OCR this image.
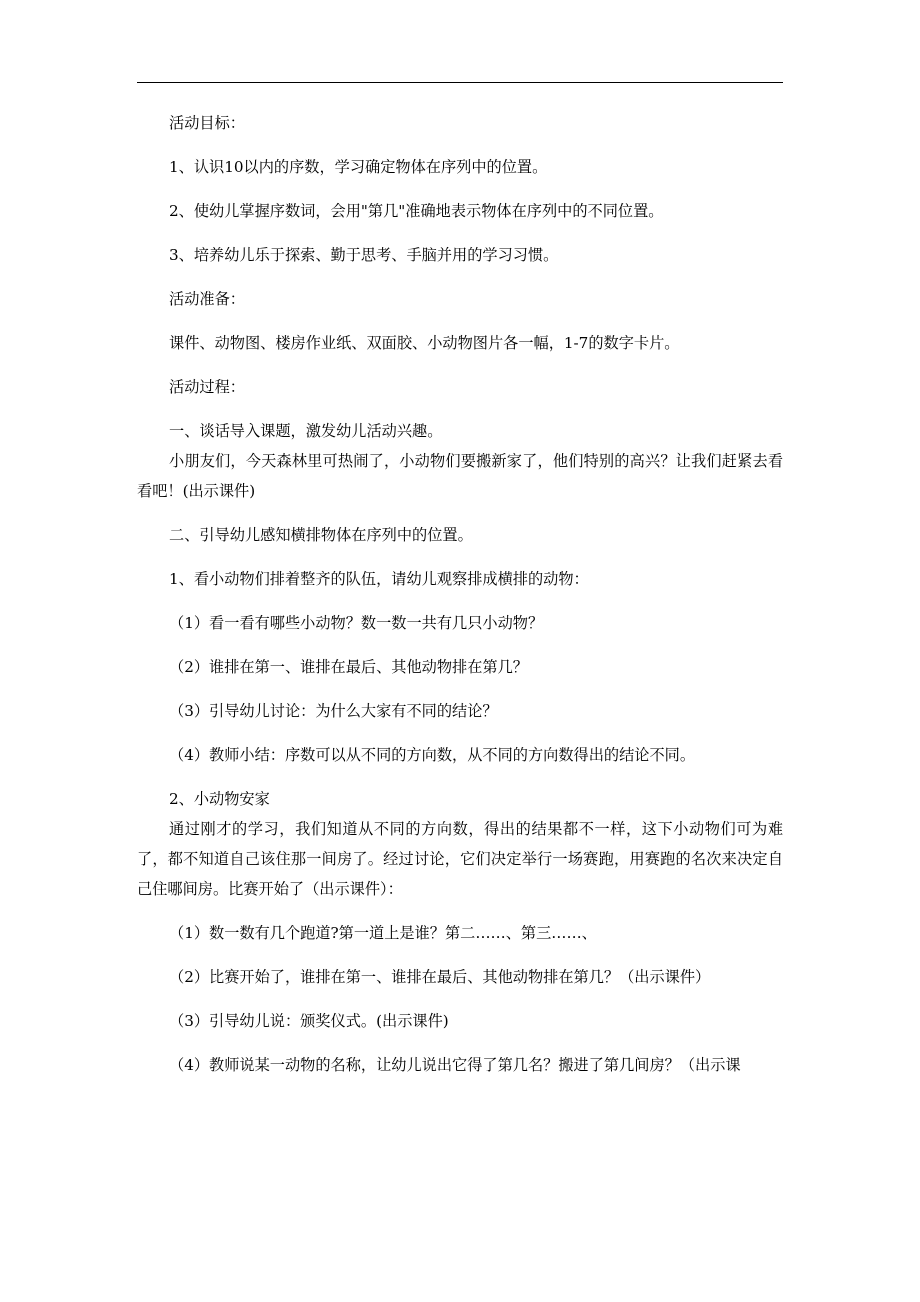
活动目标：

1、认识10以内的序数，学习确定物体在序列中的位置。

2、使幼儿掌握序数词，会用"第几"准确地表示物体在序列中的不同位置。

3、培养幼儿乐于探索、勤于思考、手脑并用的学习习惯。

活动准备：

课件、动物图、楼房作业纸、双面胶、小动物图片各一幅，1-7的数字卡片。

活动过程：

一、谈话导入课题，激发幼儿活动兴趣。

小朋友们，今天森林里可热闹了，小动物们要搬新家了，他们特别的高兴？让我们赶紧去看看吧！(出示课件)

二、引导幼儿感知横排物体在序列中的位置。

1、看小动物们排着整齐的队伍，请幼儿观察排成横排的动物：

（1）看一看有哪些小动物？数一数一共有几只小动物？

（2）谁排在第一、谁排在最后、其他动物排在第几？

（3）引导幼儿讨论：为什么大家有不同的结论？

（4）教师小结：序数可以从不同的方向数，从不同的方向数得出的结论不同。

2、小动物安家

通过刚才的学习，我们知道从不同的方向数，得出的结果都不一样，这下小动物们可为难了，都不知道自己该住那一间房了。经过讨论，它们决定举行一场赛跑，用赛跑的名次来决定自己住哪间房。比赛开始了（出示课件）：

（1）数一数有几个跑道?第一道上是谁？第二……、第三……、

（2）比赛开始了，谁排在第一、谁排在最后、其他动物排在第几？（出示课件）

（3）引导幼儿说：颁奖仪式。(出示课件)

（4）教师说某一动物的名称，让幼儿说出它得了第几名？搬进了第几间房？（出示课
